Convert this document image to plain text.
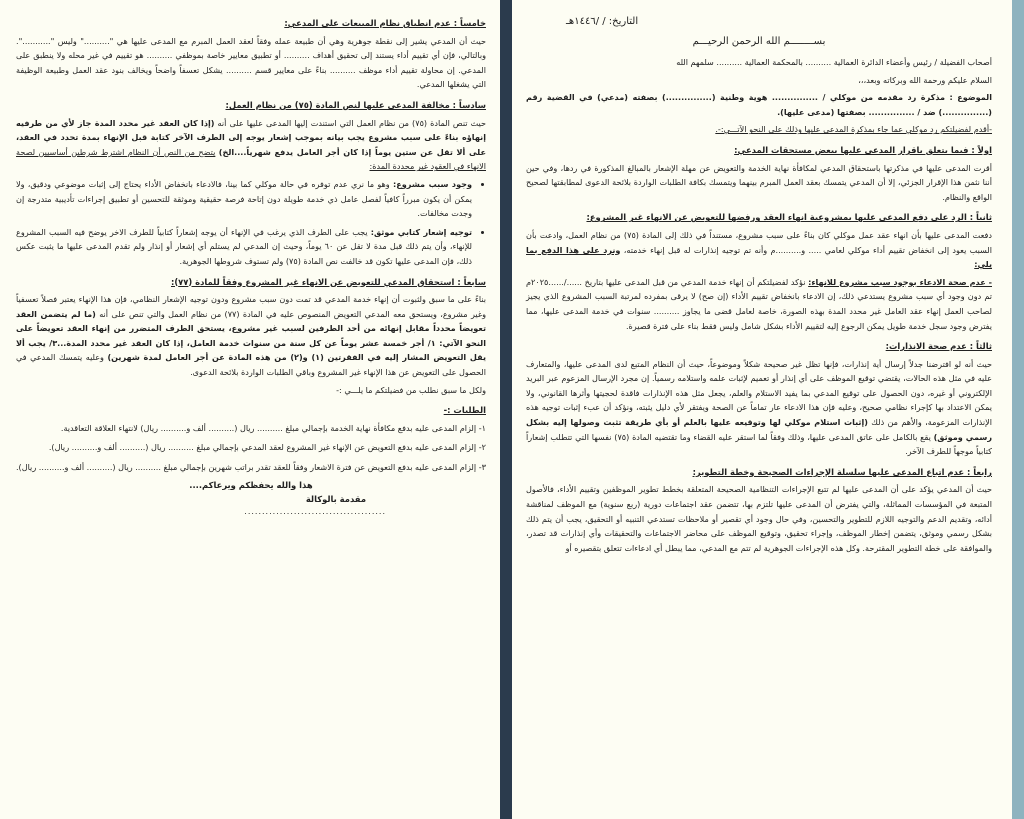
خامساً : عدم انطباق نظام المبيعات على المدعي:

حيث أن المدعي يشير إلى نقطة جوهرية وهي أن طبيعة عمله وفقاً لعقد العمل المبرم مع المدعى عليها هي ".........." وليس "...........". وبالتالي، فإن أي تقييم أداء يستند إلى تحقيق أهداف .......... أو تطبيق معايير خاصة بموظفي .......... هو تقييم في غير محله ولا ينطبق على المدعي. إن محاولة تقييم أداء موظف .......... بناءً على معايير قسم .......... يشكل تعسفاً واضحاً ويخالف بنود عقد العمل وطبيعة الوظيفة التي يشغلها المدعي.

سادساً : مخالفة المدعى عليها لنص المادة (٧٥) من نظام العمل:

حيث تنص المادة (٧٥) من نظام العمل التي استندت إليها المدعى عليها على أنه (إذا كان العقد غير محدد المدة جاز لأي من طرفيه إنهاؤه بناءً على سبب مشروع يجب بيانه بموجب إشعار يوجه إلى الطرف الآخر كتابة قبل الإنهاء بمدة تحدد في العقد، على ألا تقل عن ستين يوماً إذا كان أجر العامل يدفع شهرياً....الخ) يتضح من النص أن النظام اشترط شرطين أساسيين لصحة الانهاء في العقود غير محددة المدة:

• وجود سبب مشروع: وهو ما نري عدم توفره في حالة موكلي كما بينا، فالادعاء بانخفاض الأداء يحتاج إلى إثبات موضوعي ودقيق، ولا يمكن أن يكون مبرراً كافياً لفصل عامل ذي خدمة طويلة دون إتاحة فرصة حقيقية وموثقة للتحسين أو تطبيق إجراءات تأديبية متدرجة إن وجدت مخالفات.
• توجيه إشعار كتابي موثق: يجب على الطرف الذي يرغب في الإنهاء أن يوجه إشعاراً كتابياً للطرف الاخر يوضح فيه السبب المشروع للإنهاء، وأن يتم ذلك قبل مدة لا تقل عن ٦٠ يوماً، وحيث إن المدعي لم يستلم أي إشعار أو إنذار ولم تقدم المدعى عليها ما يثبت عكس ذلك، فإن المدعى عليها تكون قد خالفت نص المادة (٧٥) ولم تستوف شروطها الجوهرية.
سابعاً : استحقاق المدعي للتعويض عن الانهاء غير المشروع وفقاً للمادة (٧٧):

بناءً على ما سبق ولثبوت أن إنهاء خدمة المدعي قد تمت دون سبب مشروع ودون توجيه الإشعار النظامي، فإن هذا الإنهاء يعتبر فصلاً تعسفياً وغير مشروع، ويستحق معه المدعي التعويض المنصوص عليه في المادة (٧٧) من نظام العمل والتي تنص على أنه (ما لم يتضمن العقد تعويضاً محدداً مقابل إنهائه من أحد الطرفين لسبب غير مشروع، يستحق الطرف المتضرر من إنهاء العقد تعويضاً على النحو الآتي: ١/ أجر خمسة عشر يوماً عن كل سنة من سنوات خدمة العامل، إذا كان العقد غير محدد المدة...٣/ يجب ألا يقل التعويض المشار إليه في الفقرتين (١) و(٢) من هذه المادة عن أجر العامل لمدة شهرين) وعليه يتمسك المدعي في الحصول على التعويض عن هذا الإنهاء غير المشروع وباقي الطلبات الواردة بلائحة الدعوى.

ولكل ما سبق نطلب من فضيلتكم ما يلـــي :-

الطلبات :-
١- إلزام المدعى عليه بدفع مكافأة نهاية الخدمة بإجمالي مبلغ .......... ريال (.......... ألف و.......... ريال) لانتهاء العلاقة التعاقدية.
٢- إلزام المدعى عليه بدفع التعويض عن الإنهاء غير المشروع لعقد المدعي بإجمالي مبلغ .......... ريال (.......... ألف و.......... ريال).
٣- إلزام المدعى عليه بدفع التعويض عن فترة الاشعار وفقاً للعقد تقدر براتب شهرين بإجمالي مبلغ .......... ريال (.......... ألف و.......... ريال).
هذا والله يحفظكم ويرعاكم....
مقدمة بالوكالة
........................................
التاريخ: / /١٤٤٦هـ
بســــــــم الله الرحمن الرحيـــم

أصحاب الفضيلة / رئيس وأعضاء الدائرة العمالية .......... بالمحكمة العمالية .......... سلمهم الله

السلام عليكم ورحمة الله وبركاته وبعد،،،

الموضوع : مذكرة رد مقدمه من موكلي / ............... هوية وطنية (...............) بصفته (مدعي) في القضية رقم (...............) ضد / ............... بصفتها (مدعى عليها).

-أقدم لفضيلتكم رد موكلي عما جاء بمذكرة المدعى عليها وذلك على النحو الآتـــي:-.

اولاً : فيما يتعلق باقرار المدعى عليها ببعض مستحقات المدعي:

أقرت المدعى عليها في مذكرتها باستحقاق المدعي لمكافأة نهاية الخدمة والتعويض عن مهلة الإشعار بالمبالغ المذكورة في ردها، وفي حين أننا نثمن هذا الإقرار الجزئي، إلا أن المدعي يتمسك بعقد العمل المبرم بينهما ويتمسك بكافة الطلبات الواردة بلائحة الدعوى لمطابقتها لصحيح الواقع والنظام.

ثانياً : الرد على دفع المدعى عليها بمشروعية انهاء العقد ورفضها للتعويض عن الانهاء غير المشروع:

دفعت المدعى عليها بأن انهاء عقد عمل موكلي كان بناءً على سبب مشروع، مستنداً في ذلك إلى المادة (٧٥) من نظام العمل، وادعت بأن السبب يعود إلى انخفاض تقييم أداء موكلي لعامي ..... و..........م وأنه تم توجيه إنذارات له قبل إنهاء خدمته، ونرد على هذا الدفع بما يلي:

- عدم صحة الادعاء بوجود سبب مشروع للانهاء: نؤكد لفضيلتكم أن إنهاء خدمة المدعي من قبل المدعى عليها بتاريخ ....../......٢٠٢٥م تم دون وجود أي سبب مشروع يستدعي ذلك، إن الادعاء بانخفاض تقييم الأداء (إن صح) لا يرقى بمفرده لمرتبة السبب المشروع الذي يجيز لصاحب العمل إنهاء عقد العامل غير محدد المدة بهذه الصورة، خاصة لعامل قضى ما يجاوز .......... سنوات في خدمة المدعى عليها، مما يفترض وجود سجل خدمة طويل يمكن الرجوع إليه لتقييم الأداء بشكل شامل وليس فقط بناء على فترة قصيرة.

ثالثاً : عدم صحة الانذارات:

حيث أنه لو افترضنا جدلاً إرسال أية إنذارات، فإنها تظل غير صحيحة شكلاً وموضوعاً، حيث أن النظام المتبع لدى المدعى عليها، والمتعارف عليه في مثل هذه الحالات، يقتضي توقيع الموظف على أي إنذار أو تعميم لإثبات علمه واستلامه رسمياً. إن مجرد الإرسال المزعوم عبر البريد الإلكتروني أو غيره، دون الحصول على توقيع المدعي بما يفيد الاستلام والعلم، يجعل مثل هذه الإنذارات فاقدة لحجيتها وأثرها القانوني، ولا يمكن الاعتداد بها كإجراء نظامي صحيح، وعليه فإن هذا الادعاء عار تماماً عن الصحة ويفتقر لأي دليل يثبته، ونؤكد أن عبء إثبات توجيه هذه الإنذارات المزعومة، والأهم من ذلك (إثبات استلام موكلي لها وتوقيعه عليها بالعلم أو بأي طريقة تثبت وصولها إليه بشكل رسمي وموثق) يقع بالكامل على عاتق المدعى عليها، وذلك وفقاً لما استقر عليه القضاء وما تقتضيه المادة (٧٥) نفسها التي تتطلب إشعاراً كتابياً موجهاً للطرف الآخر.

رابعاً : عدم اتباع المدعى عليها سلسلة الإجراءات الصحيحة وخطة التطوير:

حيث أن المدعي يؤكد على أن المدعى عليها لم تتبع الإجراءات التنظامية الصحيحة المتعلقة بخطط تطوير الموظفين وتقييم الأداء، فالأصول المتبعة في المؤسسات المماثلة، والتي يفترض أن المدعى عليها تلتزم بها، تتضمن عقد اجتماعات دورية (ربع سنوية) مع الموظف لمناقشة أدائه، وتقديم الدعم والتوجيه اللازم للتطوير والتحسين، وفي حال وجود أي تقصير أو ملاحظات تستدعي التنبيه أو التحقيق، يجب أن يتم ذلك بشكل رسمي وموثق، يتضمن إخطار الموظف، وإجراء تحقيق، وتوقيع الموظف على محاضر الاجتماعات والتحقيقات وأي إنذارات قد تصدر، والموافقة على خطة التطوير المقترحة. وكل هذه الإجراءات الجوهرية لم تتم مع المدعي، مما يبطل أي ادعاءات تتعلق بتقصيره أو
